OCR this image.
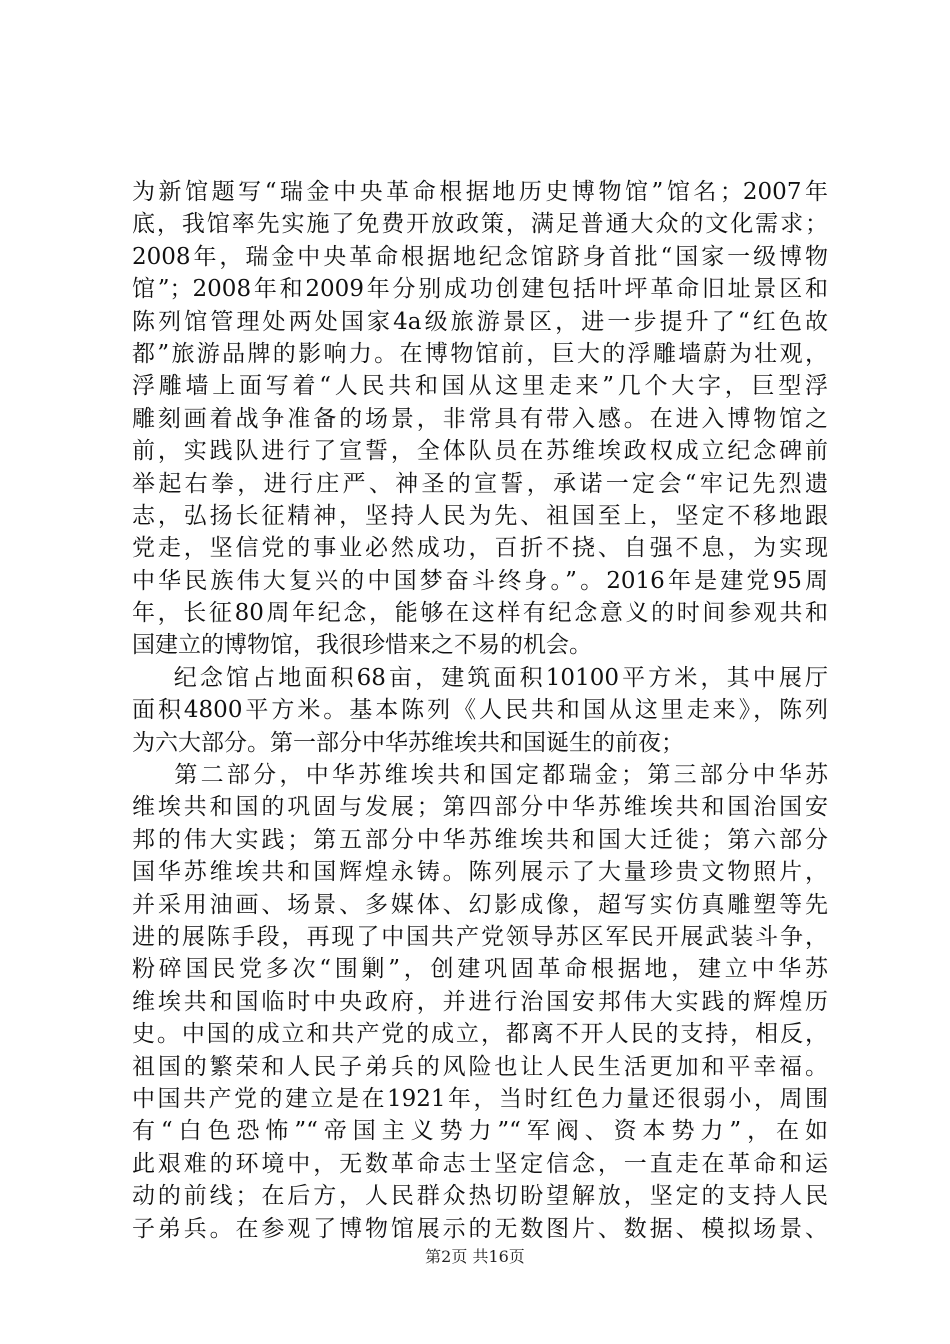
为新馆题写“瑞金中央革命根据地历史博物馆”馆名；2007年
底，我馆率先实施了免费开放政策，满足普通大众的文化需求；
2008年，瑞金中央革命根据地纪念馆跻身首批“国家一级博物
馆”；2008年和2009年分别成功创建包括叶坪革命旧址景区和
陈列馆管理处两处国家4a级旅游景区，进一步提升了“红色故
都”旅游品牌的影响力。在博物馆前，巨大的浮雕墙蔚为壮观，
浮雕墙上面写着“人民共和国从这里走来”几个大字，巨型浮
雕刻画着战争准备的场景，非常具有带入感。在进入博物馆之
前，实践队进行了宣誓，全体队员在苏维埃政权成立纪念碑前
举起右拳，进行庄严、神圣的宣誓，承诺一定会“牢记先烈遗
志，弘扬长征精神，坚持人民为先、祖国至上，坚定不移地跟
党走，坚信党的事业必然成功，百折不挠、自强不息，为实现
中华民族伟大复兴的中国梦奋斗终身。”。2016年是建党95周
年，长征80周年纪念，能够在这样有纪念意义的时间参观共和
国建立的博物馆，我很珍惜来之不易的机会。
纪念馆占地面积68亩，建筑面积10100平方米，其中展厅
面积4800平方米。基本陈列《人民共和国从这里走来》，陈列
为六大部分。第一部分中华苏维埃共和国诞生的前夜；
第二部分，中华苏维埃共和国定都瑞金；第三部分中华苏
维埃共和国的巩固与发展；第四部分中华苏维埃共和国治国安
邦的伟大实践；第五部分中华苏维埃共和国大迁徙；第六部分
国华苏维埃共和国辉煌永铸。陈列展示了大量珍贵文物照片，
并采用油画、场景、多媒体、幻影成像，超写实仿真雕塑等先
进的展陈手段，再现了中国共产党领导苏区军民开展武装斗争，
粉碎国民党多次“围剿”，创建巩固革命根据地，建立中华苏
维埃共和国临时中央政府，并进行治国安邦伟大实践的辉煌历
史。中国的成立和共产党的成立，都离不开人民的支持，相反，
祖国的繁荣和人民子弟兵的风险也让人民生活更加和平幸福。
中国共产党的建立是在1921年，当时红色力量还很弱小，周围
有“白色恐怖”“帝国主义势力”“军阀、资本势力”，在如
此艰难的环境中，无数革命志士坚定信念，一直走在革命和运
动的前线；在后方，人民群众热切盼望解放，坚定的支持人民
子弟兵。在参观了博物馆展示的无数图片、数据、模拟场景、
第2页 共16页
